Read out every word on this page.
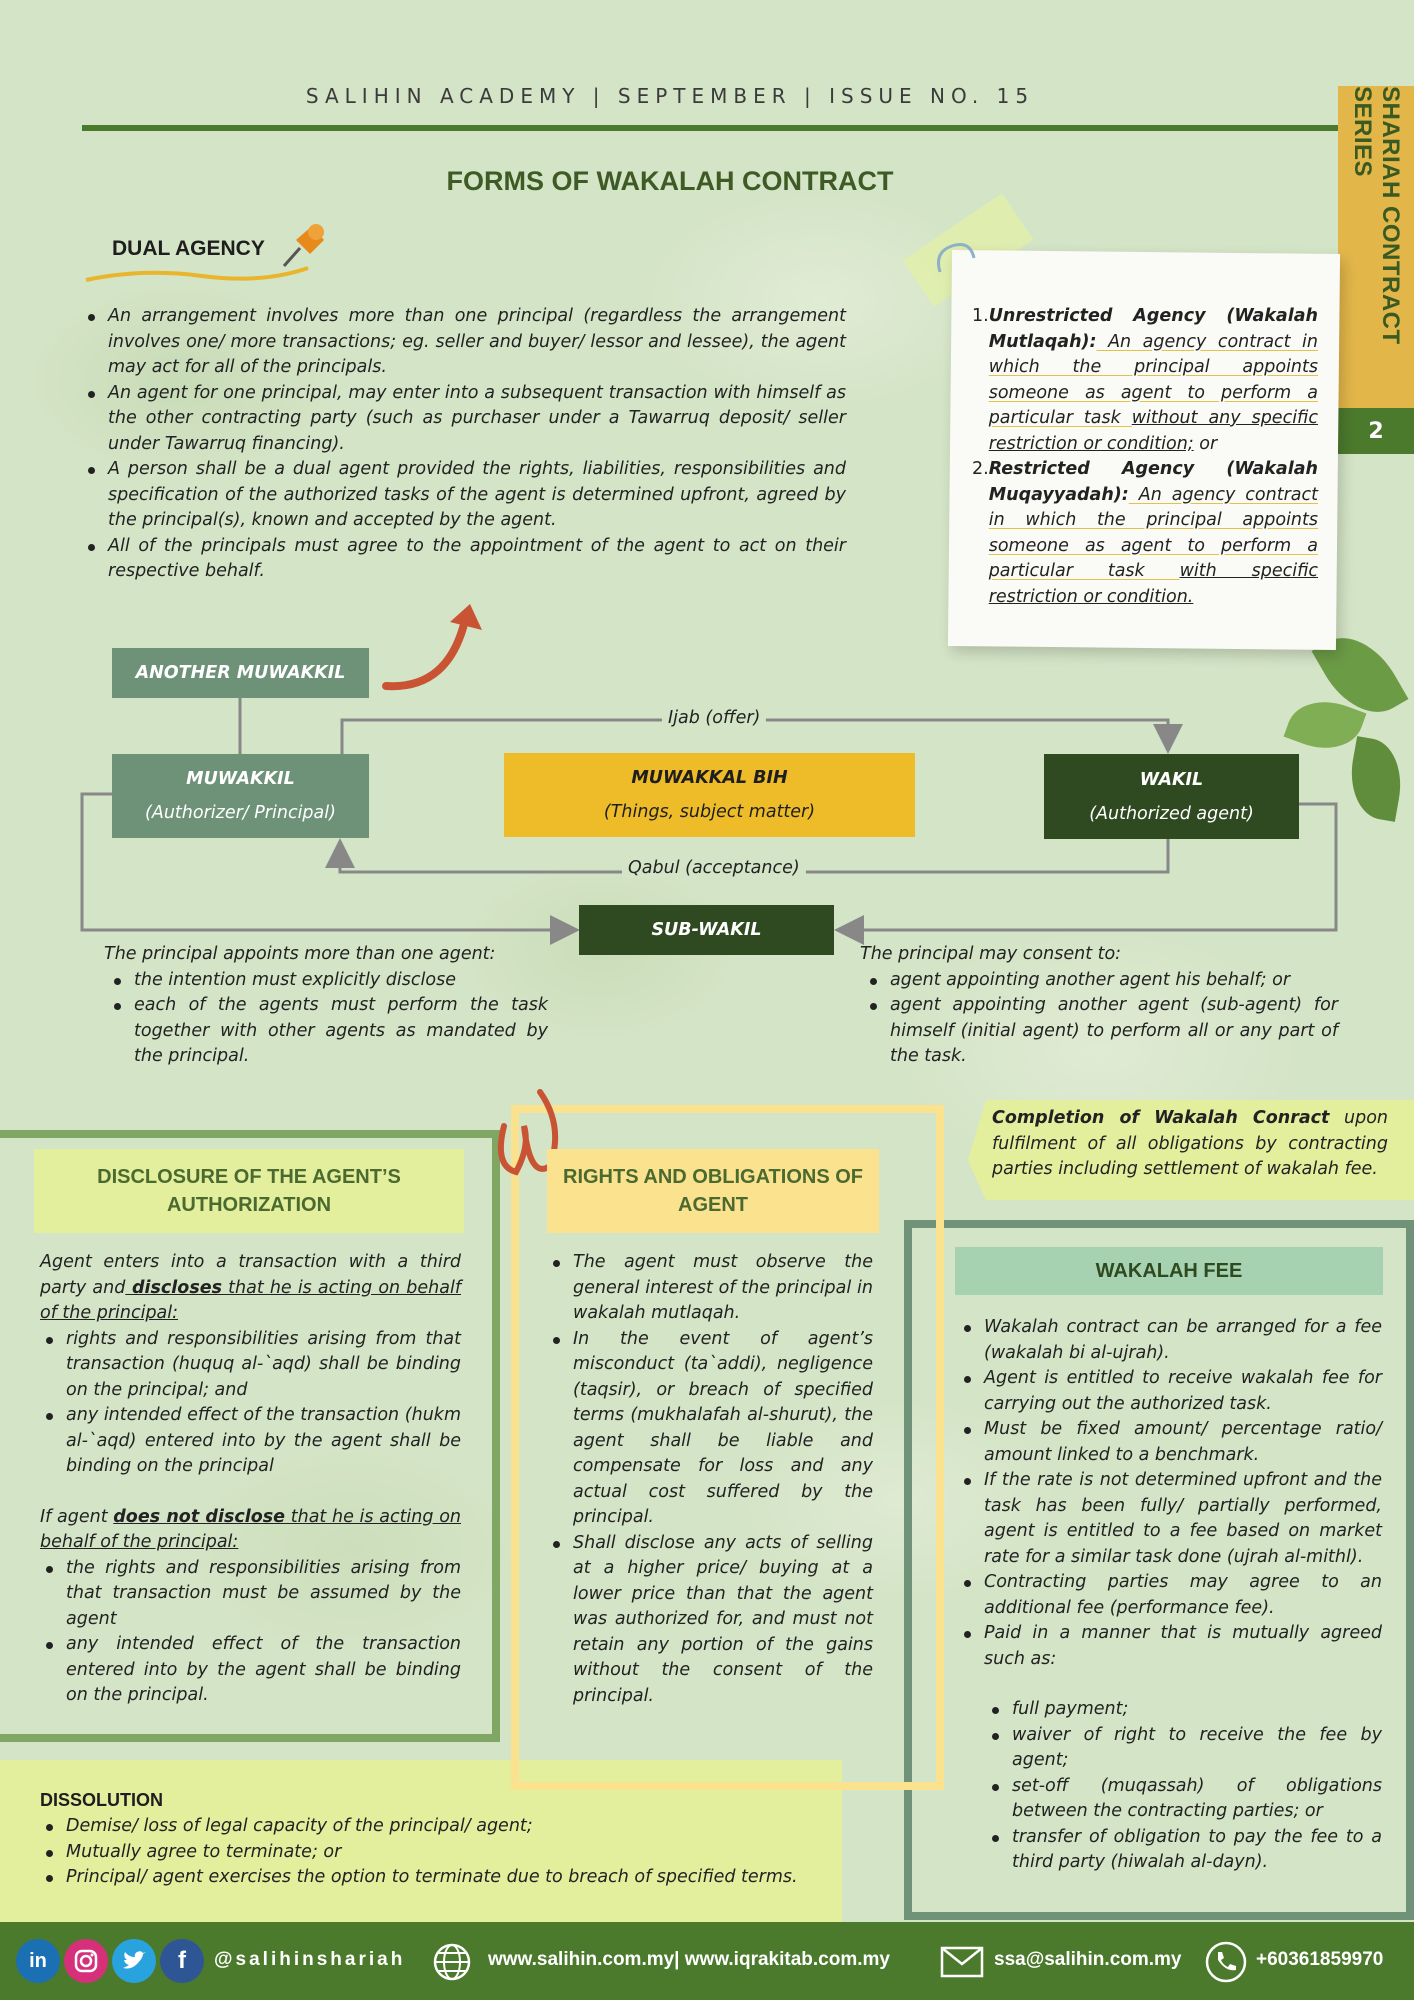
SALIHIN ACADEMY | SEPTEMBER | ISSUE NO. 15	SHARIAH CONTRACT SERIES
2
FORMS OF WAKALAH CONTRACT
DUAL AGENCY
An arrangement involves more than one principal (regardless the arrangement involves one/ more transactions; eg. seller and buyer/ lessor and lessee), the agent may act for all of the principals.
An agent for one principal, may enter into a subsequent transaction with himself as the other contracting party (such as purchaser under a Tawarruq deposit/ seller under Tawarruq financing).
A person shall be a dual agent provided the rights, liabilities, responsibilities and specification of the authorized tasks of the agent is determined upfront, agreed by the principal(s), known and accepted by the agent.
All of the principals must agree to the appointment of the agent to act on their respective behalf.
1. Unrestricted Agency (Wakalah Mutlaqah): An agency contract in which the principal appoints someone as agent to perform a particular task without any specific restriction or condition; or
2. Restricted Agency (Wakalah Muqayyadah): An agency contract in which the principal appoints someone as agent to perform a particular task with specific restriction or condition.
Ijab (offer)
Qabul (acceptance)
ANOTHER MUWAKKIL
MUWAKKIL
(Authorizer/ Principal)
MUWAKKAL BIH
(Things, subject matter)
WAKIL
(Authorized agent)
SUB-WAKIL
The principal appoints more than one agent:
the intention must explicitly disclose
each of the agents must perform the task together with other agents as mandated by the principal.
The principal may consent to:
agent appointing another agent his behalf; or
agent appointing another agent (sub-agent) for himself (initial agent) to perform all or any part of the task.
Completion of Wakalah Conract upon fulfilment of all obligations by contracting parties including settlement of wakalah fee.
DISCLOSURE OF THE AGENT’S AUTHORIZATION
Agent enters into a transaction with a third party and discloses that he is acting on behalf of the principal:
rights and responsibilities arising from that transaction (huquq al-`aqd) shall be binding on the principal; and
any intended effect of the transaction (hukm al-`aqd) entered into by the agent shall be binding on the principal
If agent does not disclose that he is acting on behalf of the principal:
the rights and responsibilities arising from that transaction must be assumed by the agent
any intended effect of the transaction entered into by the agent shall be binding on the principal.
WAKALAH FEE
Wakalah contract can be arranged for a fee (wakalah bi al-ujrah).
Agent is entitled to receive wakalah fee for carrying out the authorized task.
Must be fixed amount/ percentage ratio/ amount linked to a benchmark.
If the rate is not determined upfront and the task has been fully/ partially performed, agent is entitled to a fee based on market rate for a similar task done (ujrah al-mithl).
Contracting parties may agree to an additional fee (performance fee).
Paid in a manner that is mutually agreed such as:
full payment;
waiver of right to receive the fee by agent;
set-off (muqassah) of obligations between the contracting parties; or
transfer of obligation to pay the fee to a third party (hiwalah al-dayn).
RIGHTS AND OBLIGATIONS OF AGENT
The agent must observe the general interest of the principal in wakalah mutlaqah.
In the event of agent’s misconduct (ta`addi), negligence (taqsir), or breach of specified terms (mukhalafah al-shurut), the agent shall be liable and compensate for loss and any actual cost suffered by the principal.
Shall disclose any acts of selling at a higher price/ buying at a lower price than that the agent was authorized for, and must not retain any portion of the gains without the consent of the principal.
DISSOLUTION
Demise/ loss of legal capacity of the principal/ agent;
Mutually agree to terminate; or
Principal/ agent exercises the option to terminate due to breach of specified terms.
in	f	@salihinshariah	www.salihin.com.my| www.iqrakitab.com.my	ssa@salihin.com.my	+60361859970
